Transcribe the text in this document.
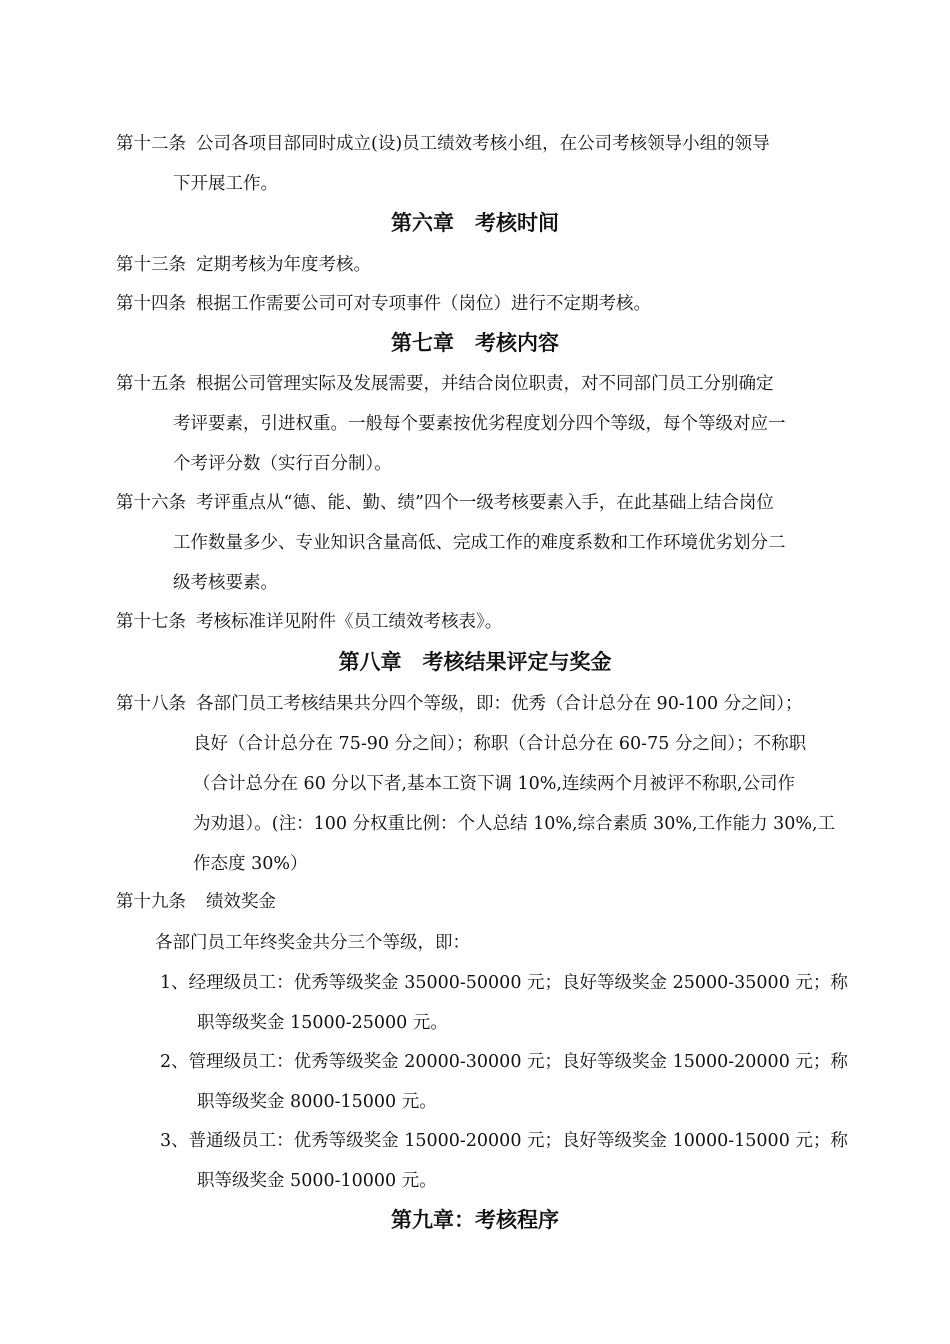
第十二条 公司各项目部同时成立(设)员工绩效考核小组，在公司考核领导小组的领导
下开展工作。
第六章　考核时间
第十三条 定期考核为年度考核。
第十四条 根据工作需要公司可对专项事件（岗位）进行不定期考核。
第七章　考核内容
第十五条 根据公司管理实际及发展需要，并结合岗位职责，对不同部门员工分别确定
考评要素，引进权重。一般每个要素按优劣程度划分四个等级，每个等级对应一
个考评分数（实行百分制）。
第十六条 考评重点从“德、能、勤、绩”四个一级考核要素入手，在此基础上结合岗位
工作数量多少、专业知识含量高低、完成工作的难度系数和工作环境优劣划分二
级考核要素。
第十七条 考核标准详见附件《员工绩效考核表》。
第八章　考核结果评定与奖金
第十八条 各部门员工考核结果共分四个等级，即：优秀（合计总分在 90-100 分之间）；
良好（合计总分在 75-90 分之间）；称职（合计总分在 60-75 分之间）；不称职
（合计总分在 60 分以下者,基本工资下调 10%,连续两个月被评不称职,公司作
为劝退）。(注：100 分权重比例：个人总结 10%,综合素质 30%,工作能力 30%,工
作态度 30%）
第十九条 绩效奖金
各部门员工年终奖金共分三个等级，即：
1、经理级员工：优秀等级奖金 35000-50000 元；良好等级奖金 25000-35000 元；称
职等级奖金 15000-25000 元。
2、管理级员工：优秀等级奖金 20000-30000 元；良好等级奖金 15000-20000 元；称
职等级奖金 8000-15000 元。
3、普通级员工：优秀等级奖金 15000-20000 元；良好等级奖金 10000-15000 元；称
职等级奖金 5000-10000 元。
第九章：考核程序
